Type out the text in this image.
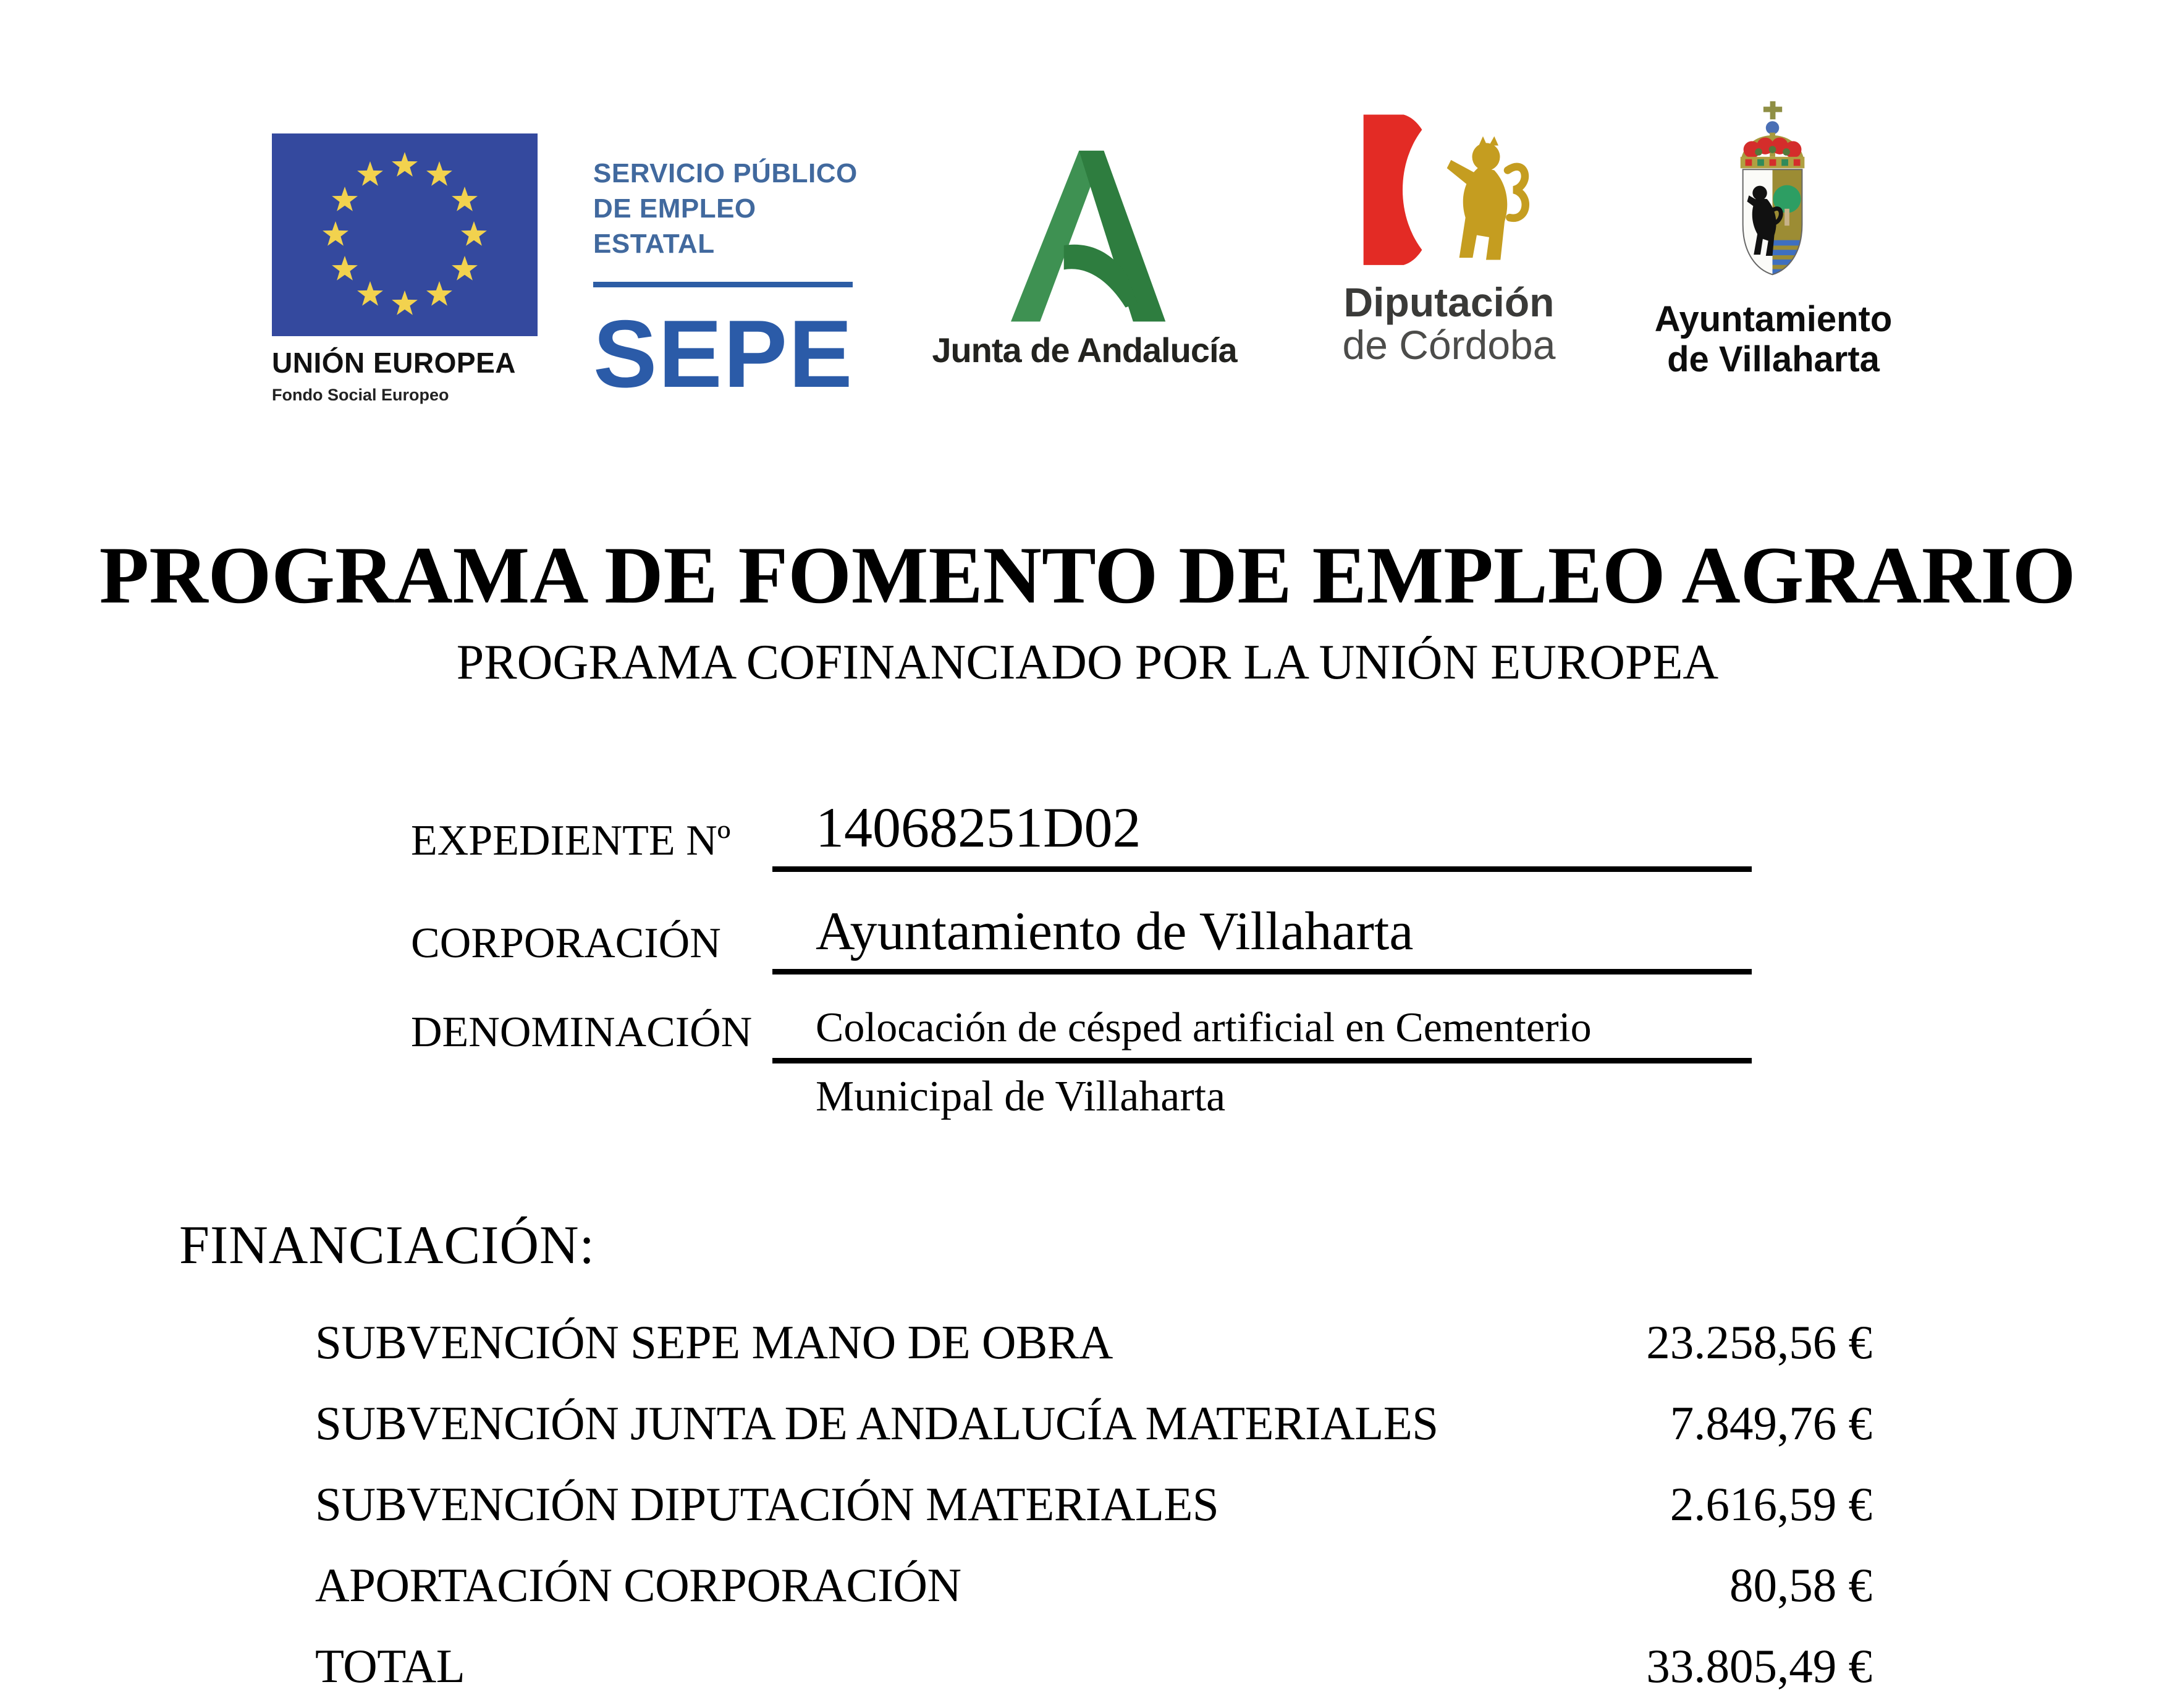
UNIÓN EUROPEA
Fondo Social Europeo
SERVICIO PÚBLICO
DE EMPLEO ESTATAL
SEPE	Junta de Andalucía
Diputación
de Córdoba
Ayuntamiento
de Villaharta
PROGRAMA DE FOMENTO DE EMPLEO AGRARIO
PROGRAMA COFINANCIADO POR LA UNIÓN EUROPEA
EXPEDIENTE Nº	14068251D02
CORPORACIÓN	Ayuntamiento de Villaharta
DENOMINACIÓN	Colocación de césped artificial en Cementerio
Municipal de Villaharta
FINANCIACIÓN:
SUBVENCIÓN SEPE MANO DE OBRA	23.258,56 €
SUBVENCIÓN JUNTA DE ANDALUCÍA MATERIALES	7.849,76 €
SUBVENCIÓN DIPUTACIÓN MATERIALES	2.616,59 €
APORTACIÓN CORPORACIÓN	80,58 €
TOTAL	33.805,49 €
